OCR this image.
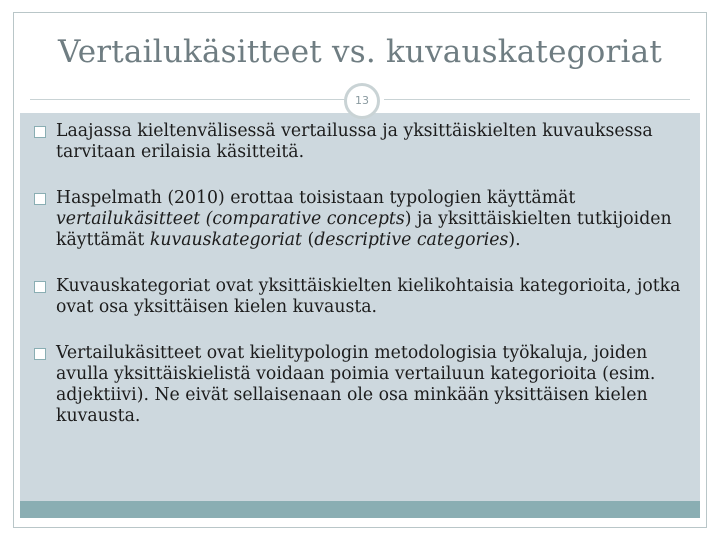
Vertailukäsitteet vs. kuvauskategoriat
13
Laajassa kieltenvälisessä vertailussa ja yksittäiskielten kuvauksessa tarvitaan erilaisia käsitteitä.
Haspelmath (2010) erottaa toisistaan typologien käyttämät vertailukäsitteet (comparative concepts) ja yksittäiskielten tutkijoiden käyttämät kuvauskategoriat (descriptive categories).
Kuvauskategoriat ovat yksittäiskielten kielikohtaisia kategorioita, jotka ovat osa yksittäisen kielen kuvausta.
Vertailukäsitteet ovat kielitypologin metodologisia työkaluja, joiden avulla yksittäiskielistä voidaan poimia vertailuun kategorioita (esim. adjektiivi). Ne eivät sellaisenaan ole osa minkään yksittäisen kielen kuvausta.
